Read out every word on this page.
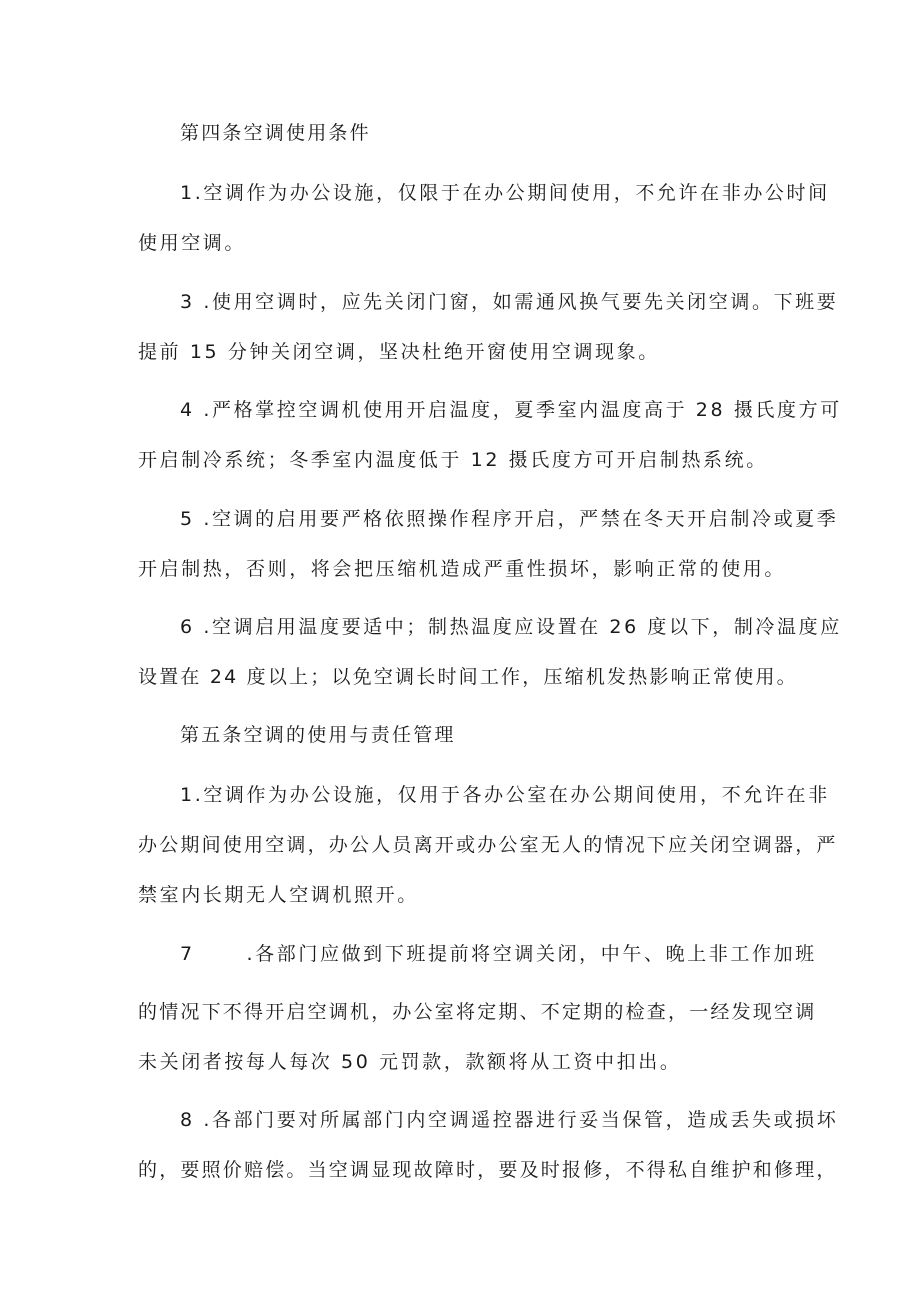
第四条空调使用条件

1.空调作为办公设施，仅限于在办公期间使用，不允许在非办公时间

使用空调。

3 .使用空调时，应先关闭门窗，如需通风换气要先关闭空调。下班要

提前 15 分钟关闭空调，坚决杜绝开窗使用空调现象。

4 .严格掌控空调机使用开启温度，夏季室内温度高于 28 摄氏度方可

开启制冷系统；冬季室内温度低于 12 摄氏度方可开启制热系统。

5 .空调的启用要严格依照操作程序开启，严禁在冬天开启制冷或夏季

开启制热，否则，将会把压缩机造成严重性损坏，影响正常的使用。

6 .空调启用温度要适中；制热温度应设置在 26 度以下，制冷温度应

设置在 24 度以上；以免空调长时间工作，压缩机发热影响正常使用。

第五条空调的使用与责任管理

1.空调作为办公设施，仅用于各办公室在办公期间使用，不允许在非

办公期间使用空调，办公人员离开或办公室无人的情况下应关闭空调器，严

禁室内长期无人空调机照开。

7      .各部门应做到下班提前将空调关闭，中午、晚上非工作加班

的情况下不得开启空调机，办公室将定期、不定期的检查，一经发现空调

未关闭者按每人每次 50 元罚款，款额将从工资中扣出。

8 .各部门要对所属部门内空调遥控器进行妥当保管，造成丢失或损坏

的，要照价赔偿。当空调显现故障时，要及时报修，不得私自维护和修理，
